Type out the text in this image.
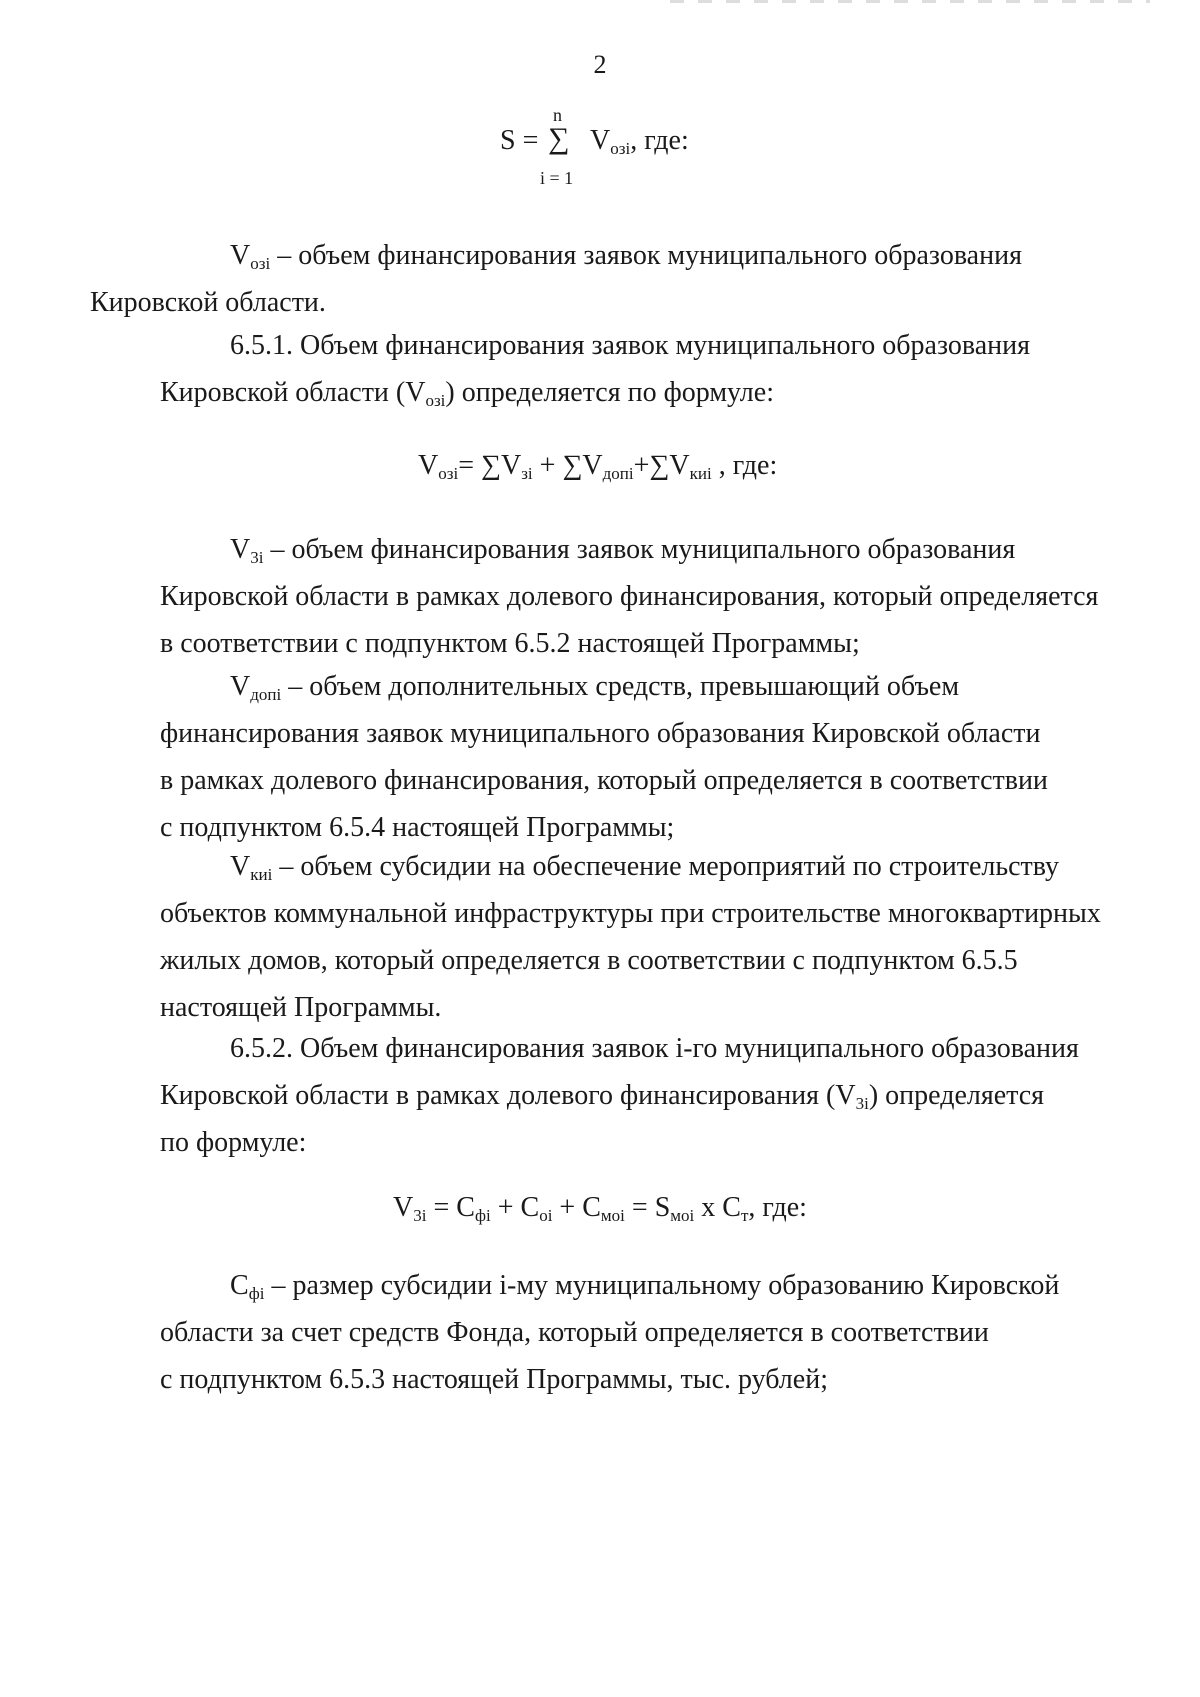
2
n
S = ∑ $V_{озi}$, где:
i = 1
$V_{озi}$ – объем финансирования заявок муниципального образования
Кировской области.
6.5.1. Объем финансирования заявок муниципального образования
Кировской области $(V_{озi})$ определяется по формуле:
$V_{озi}= \sum V_{зi} + \sum V_{допi}+\sum V_{киi}$ , где:
$V_{3i}$ – объем финансирования заявок муниципального образования
Кировской области в рамках долевого финансирования, который определяется
в соответствии с подпунктом 6.5.2 настоящей Программы;
$V_{допi}$ – объем дополнительных средств, превышающий объем
финансирования заявок муниципального образования Кировской области
в рамках долевого финансирования, который определяется в соответствии
с подпунктом 6.5.4 настоящей Программы;
$V_{киi}$ – объем субсидии на обеспечение мероприятий по строительству
объектов коммунальной инфраструктуры при строительстве многоквартирных
жилых домов, который определяется в соответствии с подпунктом 6.5.5
настоящей Программы.
6.5.2. Объем финансирования заявок i-го муниципального образования
Кировской области в рамках долевого финансирования $(V_{3i})$ определяется
по формуле:
$V_{3i} = С_{фi} + С_{оi} + С_{моi} = S_{моi}$ х $С_т$, где:
$С_{фi}$ – размер субсидии i-му муниципальному образованию Кировской
области за счет средств Фонда, который определяется в соответствии
с подпунктом 6.5.3 настоящей Программы, тыс. рублей;
